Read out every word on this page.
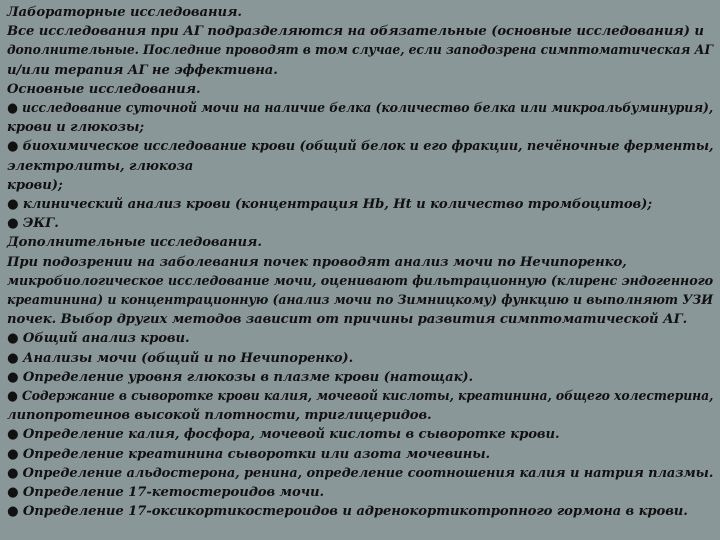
Лабораторные исследования.
Все исследования при АГ подразделяются на обязательные (основные исследования) и
дополнительные. Последние проводят в том случае, если заподозрена симптоматическая АГ
и/или терапия АГ не эффективна.
Основные исследования.
● исследование суточной мочи на наличие белка (количество белка или микроальбуминурия),
крови и глюкозы;
● биохимическое исследование крови (общий белок и его фракции, печёночные ферменты,
электролиты, глюкоза
крови);
● клинический анализ крови (концентрация Hb, Ht и количество тромбоцитов);
● ЭКГ.
Дополнительные исследования.
При подозрении на заболевания почек проводят анализ мочи по Нечипоренко,
микробиологическое исследование мочи, оценивают фильтрационную (клиренс эндогенного
креатинина) и концентрационную (анализ мочи по Зимницкому) функцию и выполняют УЗИ
почек. Выбор других методов зависит от причины развития симптоматической АГ.
● Общий анализ крови.
● Анализы мочи (общий и по Нечипоренко).
● Определение уровня глюкозы в плазме крови (натощак).
● Содержание в сыворотке крови калия, мочевой кислоты, креатинина, общего холестерина,
липопротеинов высокой плотности, триглицеридов.
● Определение калия, фосфора, мочевой кислоты в сыворотке крови.
● Определение креатинина сыворотки или азота мочевины.
● Определение альдостерона, ренина, определение соотношения калия и натрия плазмы.
● Определение 17-кетостероидов мочи.
● Определение 17-оксикортикостероидов и адренокортикотропного гормона в крови.
